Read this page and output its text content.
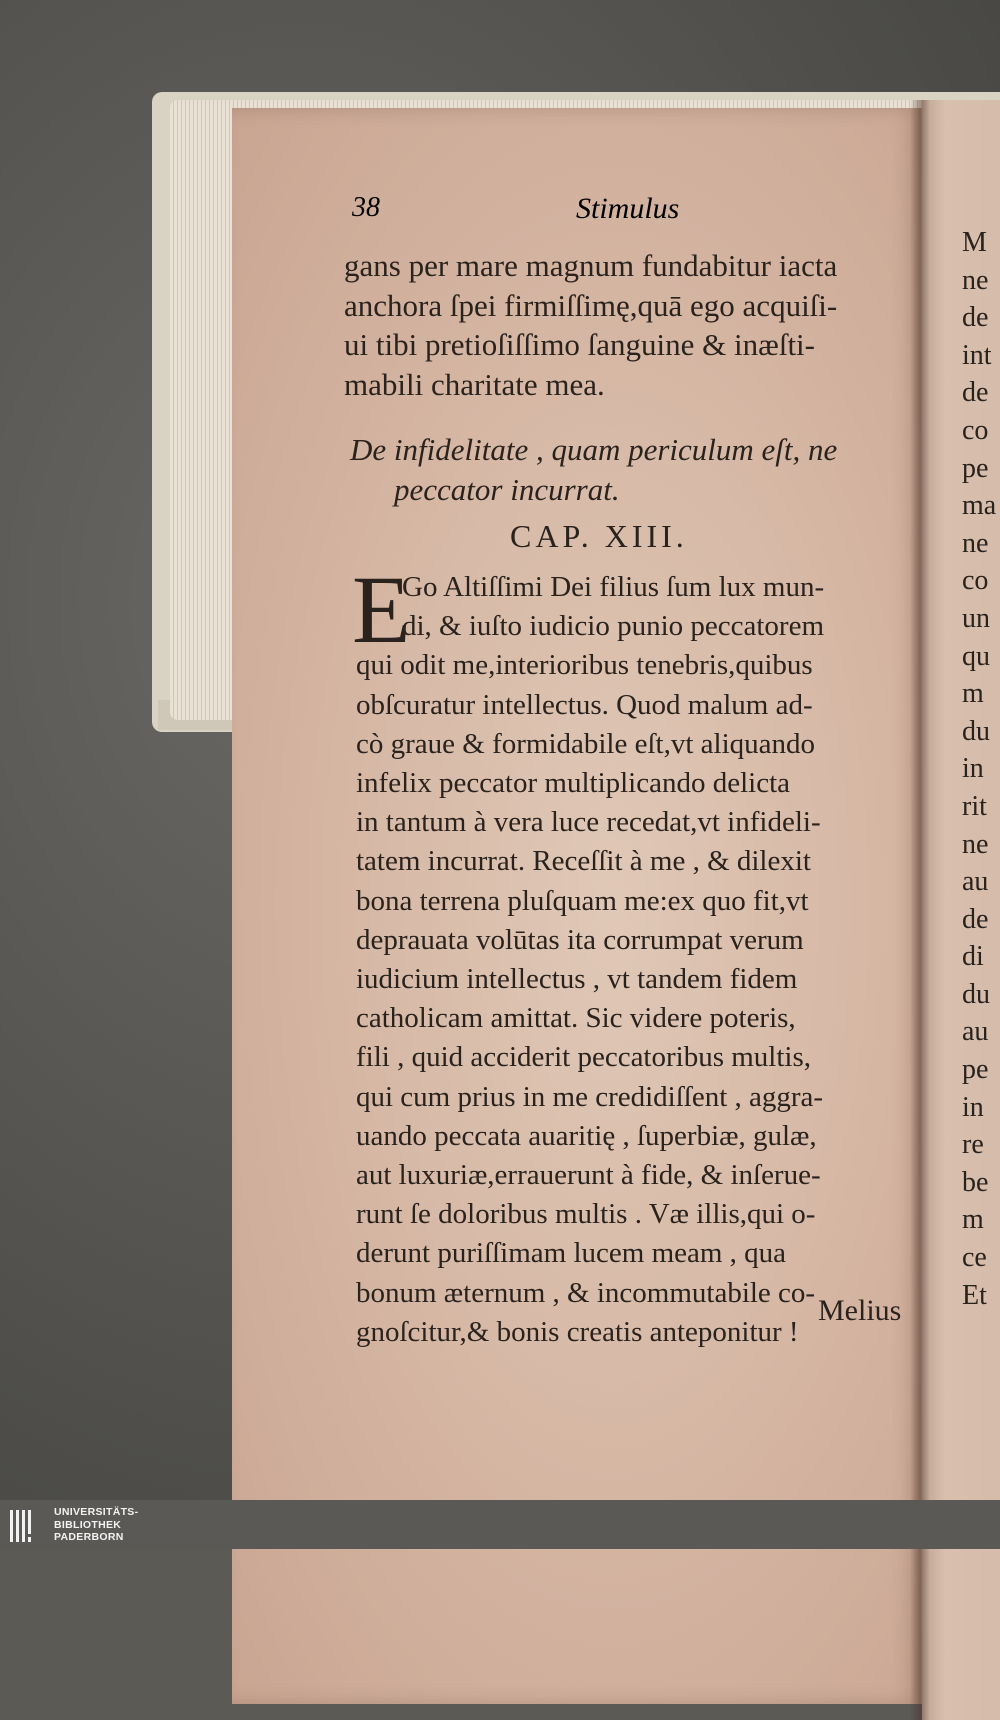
38	Stimulus
gans per mare magnum fundabitur iacta
anchora ſpei firmiſſimę,quā ego acquiſi-
ui tibi pretioſiſſimo ſanguine & inæſti-
mabili charitate mea.
De infidelitate , quam periculum eſt, ne
peccator incurrat.
CAP. XIII.
E
Go Altiſſimi Dei filius ſum lux mun-
di, & iuſto iudicio punio peccatorem
qui odit me,interioribus tenebris,quibus
obſcuratur intellectus. Quod malum ad-
cò graue & formidabile eſt,vt aliquando
infelix peccator multiplicando delicta
in tantum à vera luce recedat,vt infideli-
tatem incurrat. Receſſit à me , & dilexit
bona terrena pluſquam me:ex quo fit,vt
deprauata volūtas ita corrumpat verum
iudicium intellectus , vt tandem fidem
catholicam amittat. Sic videre poteris,
fili , quid acciderit peccatoribus multis,
qui cum prius in me credidiſſent , aggra-
uando peccata auaritię , ſuperbiæ, gulæ,
aut luxuriæ,errauerunt à fide, & inſerue-
runt ſe doloribus multis . Væ illis,qui o-
derunt puriſſimam lucem meam , qua
bonum æternum , & incommutabile co-
gnoſcitur,& bonis creatis anteponitur !
Melius
M
ne
de
int
de
co
pe
ma
ne
co
un
qu
m
du
in
rit
ne
au
de
di
du
au
pe
in
re
be
m
ce
Et
UNIVERSITÄTS-
BIBLIOTHEK
PADERBORN
